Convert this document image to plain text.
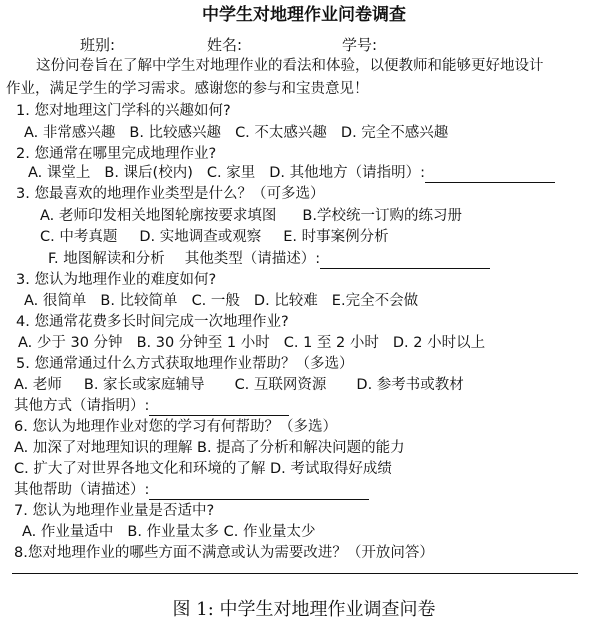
中学生对地理作业问卷调查
班别:	姓名:	学号:
这份问卷旨在了解中学生对地理作业的看法和体验，以便教师和能够更好地设计
作业，满足学生的学习需求。感谢您的参与和宝贵意见！
1. 您对地理这门学科的兴趣如何?
A. 非常感兴趣 B. 比较感兴趣 C. 不太感兴趣 D. 完全不感兴趣
2. 您通常在哪里完成地理作业?
A. 课堂上 B. 课后(校内) C. 家里 D. 其他地方（请指明）:
3. 您最喜欢的地理作业类型是什么？（可多选）
A. 老师印发相关地图轮廓按要求填图 B.学校统一订购的练习册
C. 中考真题 D. 实地调查或观察 E. 时事案例分析
F. 地图解读和分析 其他类型（请描述）:
3. 您认为地理作业的难度如何?
A. 很简单 B. 比较简单 C. 一般 D. 比较难 E.完全不会做
4. 您通常花费多长时间完成一次地理作业?
A. 少于 30 分钟 B. 30 分钟至 1 小时 C. 1 至 2 小时 D. 2 小时以上
5. 您通常通过什么方式获取地理作业帮助？（多选）
A. 老师 B. 家长或家庭辅导 C. 互联网资源 D. 参考书或教材
其他方式（请指明）:
6. 您认为地理作业对您的学习有何帮助？（多选）
A. 加深了对地理知识的理解 B. 提高了分析和解决问题的能力
C. 扩大了对世界各地文化和环境的了解 D. 考试取得好成绩
其他帮助（请描述）:
7. 您认为地理作业量是否适中?
A. 作业量适中 B. 作业量太多 C. 作业量太少
8.您对地理作业的哪些方面不满意或认为需要改进？（开放问答）
图 1: 中学生对地理作业调查问卷
